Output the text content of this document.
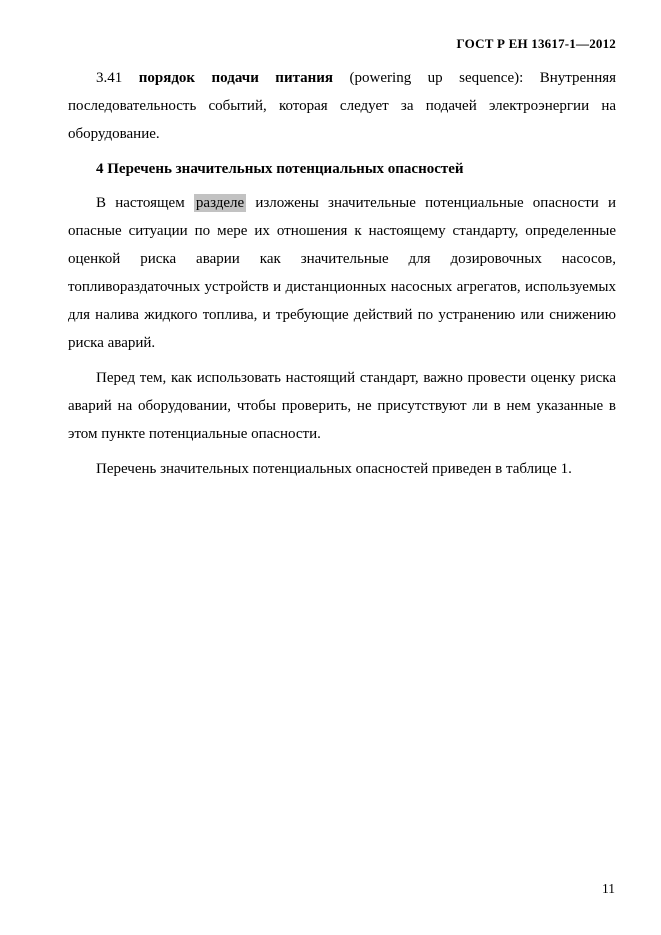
ГОСТ Р ЕН 13617-1—2012

3.41 порядок подачи питания (powering up sequence): Внутренняя последовательность событий, которая следует за подачей электроэнергии на оборудование.

4 Перечень значительных потенциальных опасностей

В настоящем разделе изложены значительные потенциальные опасности и опасные ситуации по мере их отношения к настоящему стандарту, определенные оценкой риска аварии как значительные для дозировочных насосов, топливораздаточных устройств и дистанционных насосных агрегатов, используемых для налива жидкого топлива, и требующие действий по устранению или снижению риска аварий.

Перед тем, как использовать настоящий стандарт, важно провести оценку риска аварий на оборудовании, чтобы проверить, не присутствуют ли в нем указанные в этом пункте потенциальные опасности.

Перечень значительных потенциальных опасностей приведен в таблице 1.

11
